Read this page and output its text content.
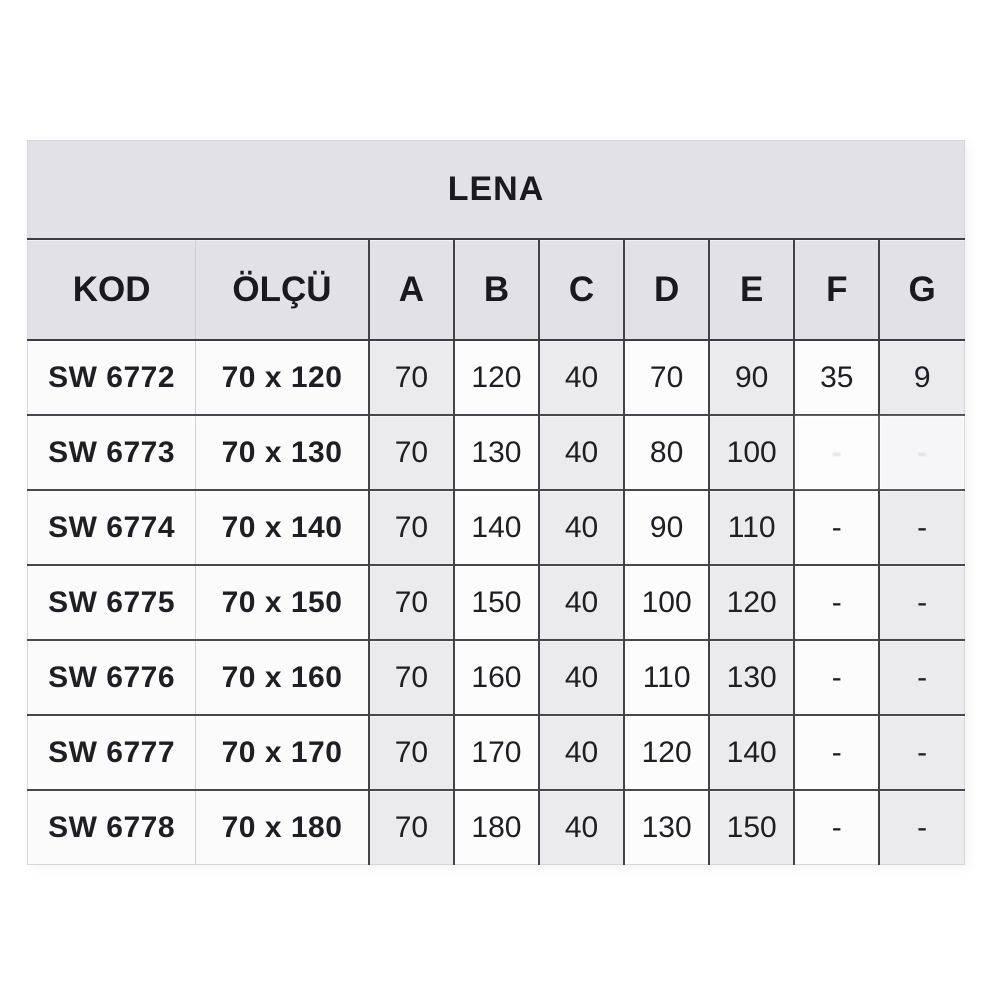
LENA								
KOD	ÖLÇÜ	A	B	C	D	E	F	G
SW 6772	70 x 120	70	120	40	70	90	35	9
SW 6773	70 x 130	70	130	40	80	100	-	-
SW 6774	70 x 140	70	140	40	90	110	-	-
SW 6775	70 x 150	70	150	40	100	120	-	-
SW 6776	70 x 160	70	160	40	110	130	-	-
SW 6777	70 x 170	70	170	40	120	140	-	-
SW 6778	70 x 180	70	180	40	130	150	-	-
